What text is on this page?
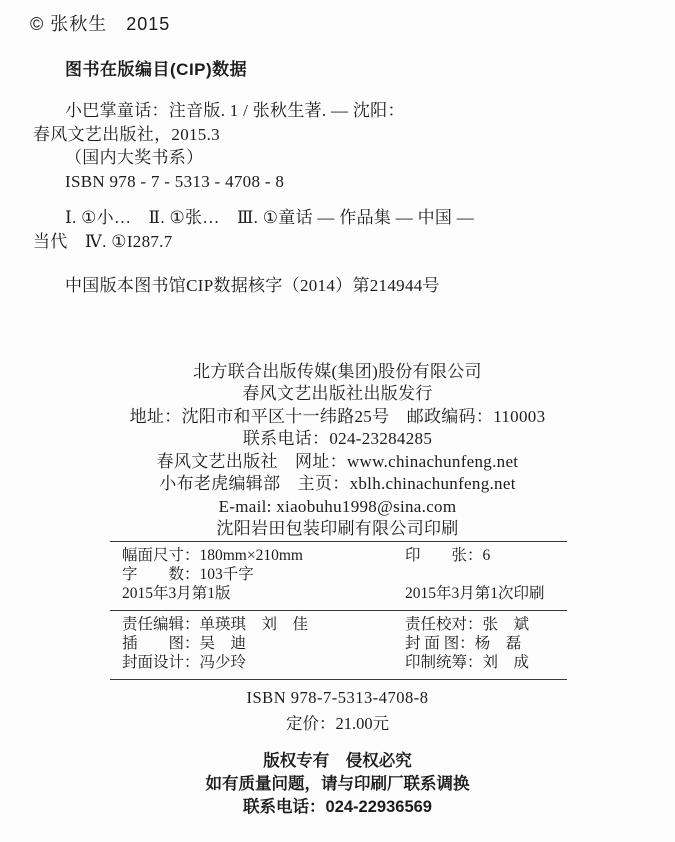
© 张秋生　2015
图书在版编目(CIP)数据
小巴掌童话：注音版. 1 / 张秋生著. — 沈阳：
春风文艺出版社，2015.3
（国内大奖书系）
ISBN 978 - 7 - 5313 - 4708 - 8
Ⅰ. ①小…　Ⅱ. ①张…　Ⅲ. ①童话 — 作品集 — 中国 —
当代　Ⅳ. ①I287.7
中国版本图书馆CIP数据核字（2014）第214944号
北方联合出版传媒(集团)股份有限公司
春风文艺出版社出版发行
地址：沈阳市和平区十一纬路25号　邮政编码：110003
联系电话：024-23284285
春风文艺出版社　网址：www.chinachunfeng.net
小布老虎编辑部　主页：xblh.chinachunfeng.net
E-mail: xiaobuhu1998@sina.com
沈阳岩田包装印刷有限公司印刷
幅面尺寸：180mm×210mm	印　　张：6
字　　数：103千字
2015年3月第1版	2015年3月第1次印刷
责任编辑：单瑛琪　刘　佳	责任校对：张　斌
插　　图：吴　迪	封 面 图：杨　磊
封面设计：冯少玲	印制统筹：刘　成
ISBN 978-7-5313-4708-8
定价：21.00元
版权专有　侵权必究
如有质量问题，请与印刷厂联系调换
联系电话：024-22936569
